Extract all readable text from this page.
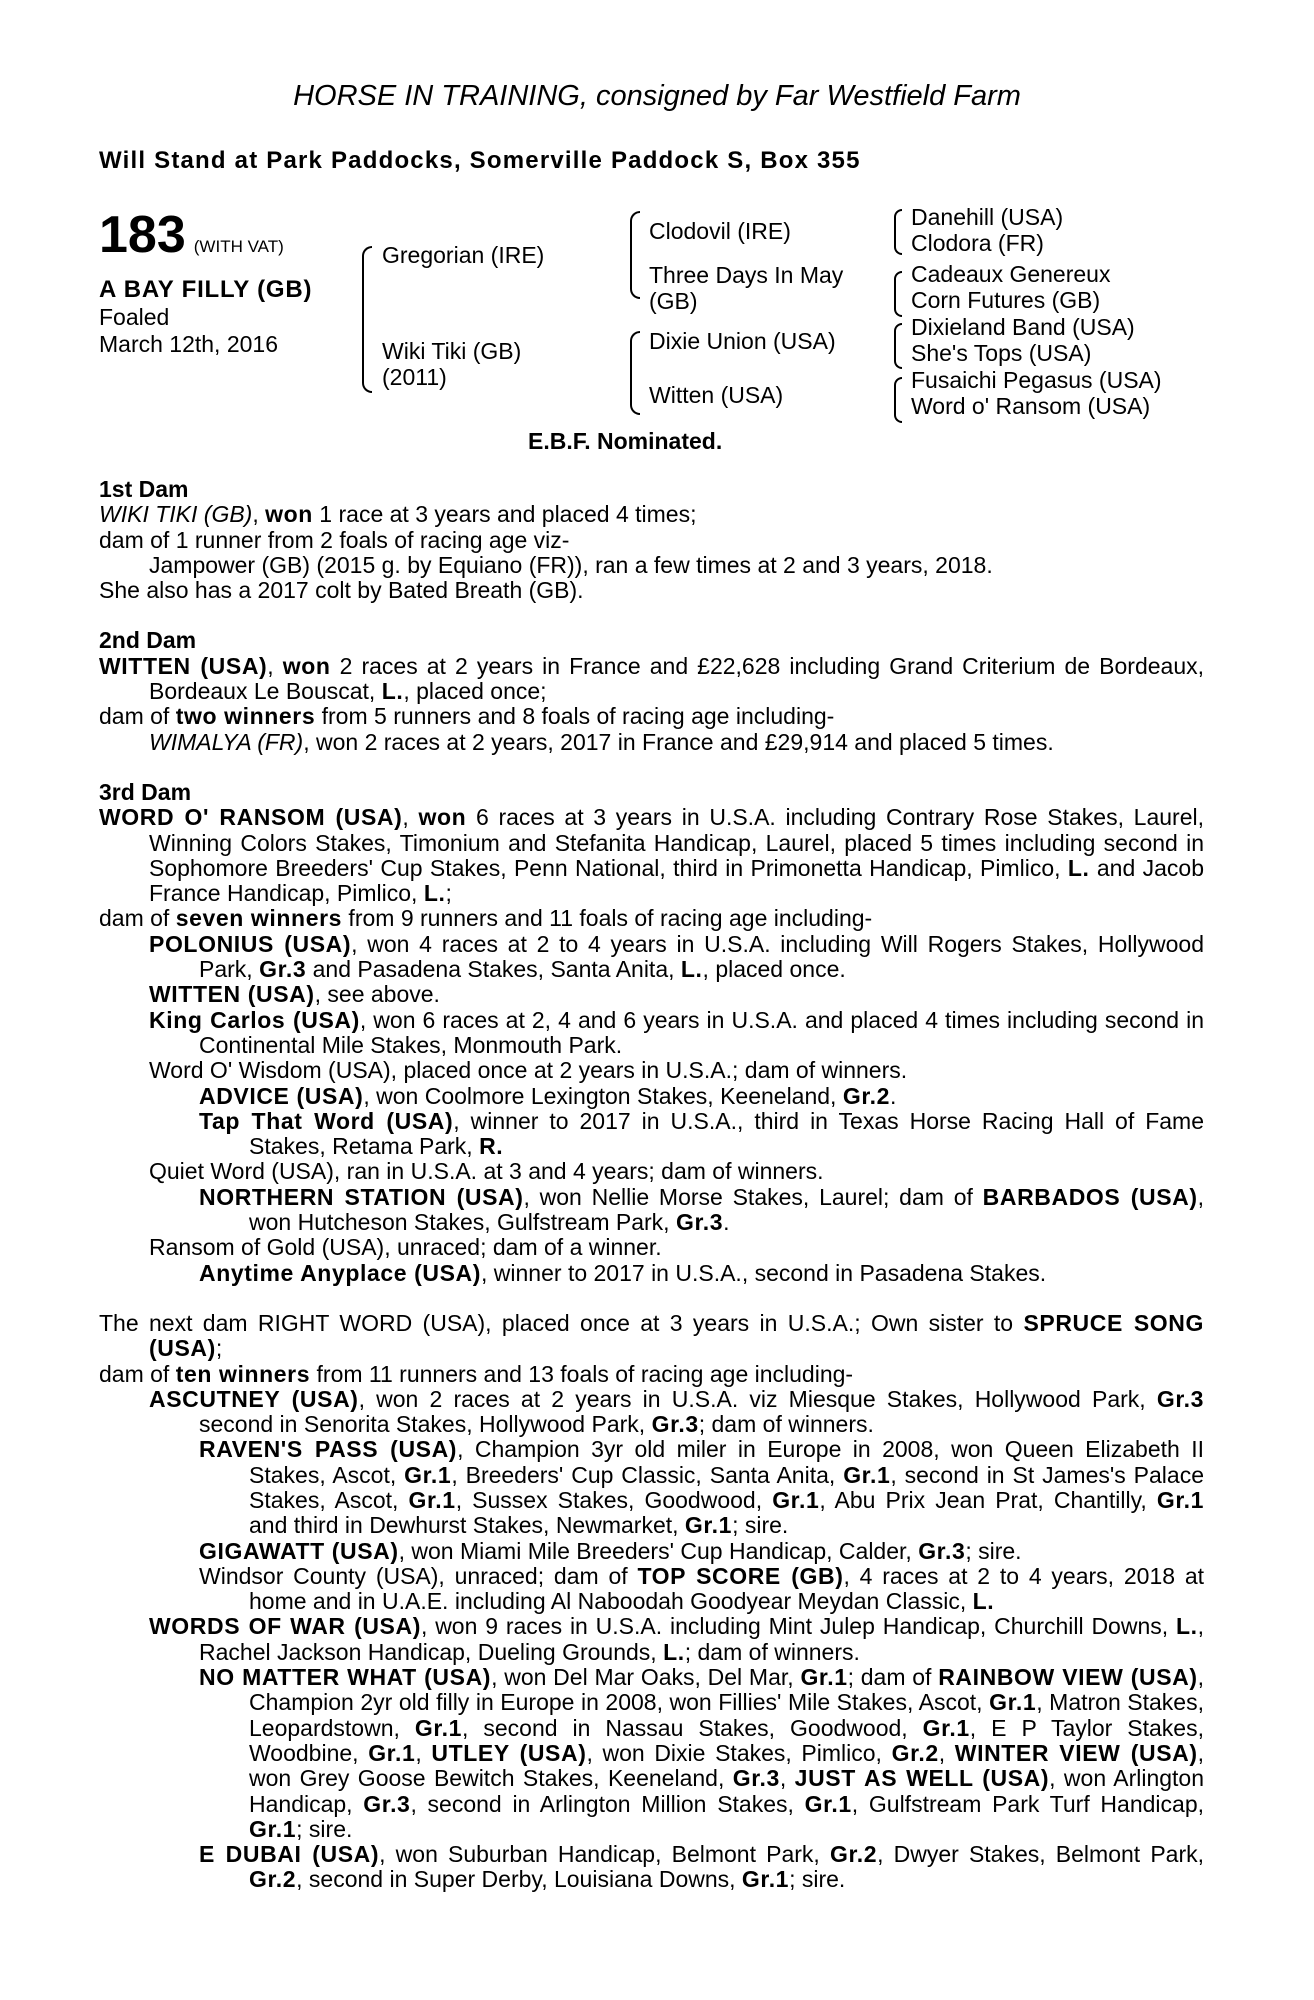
HORSE IN TRAINING, consigned by Far Westfield Farm
Will Stand at Park Paddocks, Somerville Paddock S, Box 355
183 (WITH VAT)
A BAY FILLY (GB)
Foaled
March 12th, 2016
Gregorian (IRE)
Wiki Tiki (GB)
(2011)
Clodovil (IRE)
Three Days In May
(GB)
Dixie Union (USA)
Witten (USA)
Danehill (USA)
Clodora (FR)
Cadeaux Genereux
Corn Futures (GB)
Dixieland Band (USA)
She's Tops (USA)
Fusaichi Pegasus (USA)
Word o' Ransom (USA)
E.B.F. Nominated.

1st Dam

WIKI TIKI (GB), won 1 race at 3 years and placed 4 times;

dam of 1 runner from 2 foals of racing age viz-

Jampower (GB) (2015 g. by Equiano (FR)), ran a few times at 2 and 3 years, 2018.

She also has a 2017 colt by Bated Breath (GB).

2nd Dam

WITTEN (USA), won 2 races at 2 years in France and £22,628 including Grand Criterium de Bordeaux, Bordeaux Le Bouscat, L., placed once;

dam of two winners from 5 runners and 8 foals of racing age including-

WIMALYA (FR), won 2 races at 2 years, 2017 in France and £29,914 and placed 5 times.

3rd Dam

WORD O' RANSOM (USA), won 6 races at 3 years in U.S.A. including Contrary Rose Stakes, Laurel, Winning Colors Stakes, Timonium and Stefanita Handicap, Laurel, placed 5 times including second in Sophomore Breeders' Cup Stakes, Penn National, third in Primonetta Handicap, Pimlico, L. and Jacob France Handicap, Pimlico, L.;

dam of seven winners from 9 runners and 11 foals of racing age including-

POLONIUS (USA), won 4 races at 2 to 4 years in U.S.A. including Will Rogers Stakes, Hollywood Park, Gr.3 and Pasadena Stakes, Santa Anita, L., placed once.

WITTEN (USA), see above.

King Carlos (USA), won 6 races at 2, 4 and 6 years in U.S.A. and placed 4 times including second in Continental Mile Stakes, Monmouth Park.

Word O' Wisdom (USA), placed once at 2 years in U.S.A.; dam of winners.

ADVICE (USA), won Coolmore Lexington Stakes, Keeneland, Gr.2.

Tap That Word (USA), winner to 2017 in U.S.A., third in Texas Horse Racing Hall of Fame Stakes, Retama Park, R.

Quiet Word (USA), ran in U.S.A. at 3 and 4 years; dam of winners.

NORTHERN STATION (USA), won Nellie Morse Stakes, Laurel; dam of BARBADOS (USA), won Hutcheson Stakes, Gulfstream Park, Gr.3.

Ransom of Gold (USA), unraced; dam of a winner.

Anytime Anyplace (USA), winner to 2017 in U.S.A., second in Pasadena Stakes.

The next dam RIGHT WORD (USA), placed once at 3 years in U.S.A.; Own sister to SPRUCE SONG (USA);

dam of ten winners from 11 runners and 13 foals of racing age including-

ASCUTNEY (USA), won 2 races at 2 years in U.S.A. viz Miesque Stakes, Hollywood Park, Gr.3 second in Senorita Stakes, Hollywood Park, Gr.3; dam of winners.

RAVEN'S PASS (USA), Champion 3yr old miler in Europe in 2008, won Queen Elizabeth II Stakes, Ascot, Gr.1, Breeders' Cup Classic, Santa Anita, Gr.1, second in St James's Palace Stakes, Ascot, Gr.1, Sussex Stakes, Goodwood, Gr.1, Abu Prix Jean Prat, Chantilly, Gr.1 and third in Dewhurst Stakes, Newmarket, Gr.1; sire.

GIGAWATT (USA), won Miami Mile Breeders' Cup Handicap, Calder, Gr.3; sire.

Windsor County (USA), unraced; dam of TOP SCORE (GB), 4 races at 2 to 4 years, 2018 at home and in U.A.E. including Al Naboodah Goodyear Meydan Classic, L.

WORDS OF WAR (USA), won 9 races in U.S.A. including Mint Julep Handicap, Churchill Downs, L., Rachel Jackson Handicap, Dueling Grounds, L.; dam of winners.

NO MATTER WHAT (USA), won Del Mar Oaks, Del Mar, Gr.1; dam of RAINBOW VIEW (USA), Champion 2yr old filly in Europe in 2008, won Fillies' Mile Stakes, Ascot, Gr.1, Matron Stakes, Leopardstown, Gr.1, second in Nassau Stakes, Goodwood, Gr.1, E P Taylor Stakes, Woodbine, Gr.1, UTLEY (USA), won Dixie Stakes, Pimlico, Gr.2, WINTER VIEW (USA), won Grey Goose Bewitch Stakes, Keeneland, Gr.3, JUST AS WELL (USA), won Arlington Handicap, Gr.3, second in Arlington Million Stakes, Gr.1, Gulfstream Park Turf Handicap, Gr.1; sire.

E DUBAI (USA), won Suburban Handicap, Belmont Park, Gr.2, Dwyer Stakes, Belmont Park, Gr.2, second in Super Derby, Louisiana Downs, Gr.1; sire.
